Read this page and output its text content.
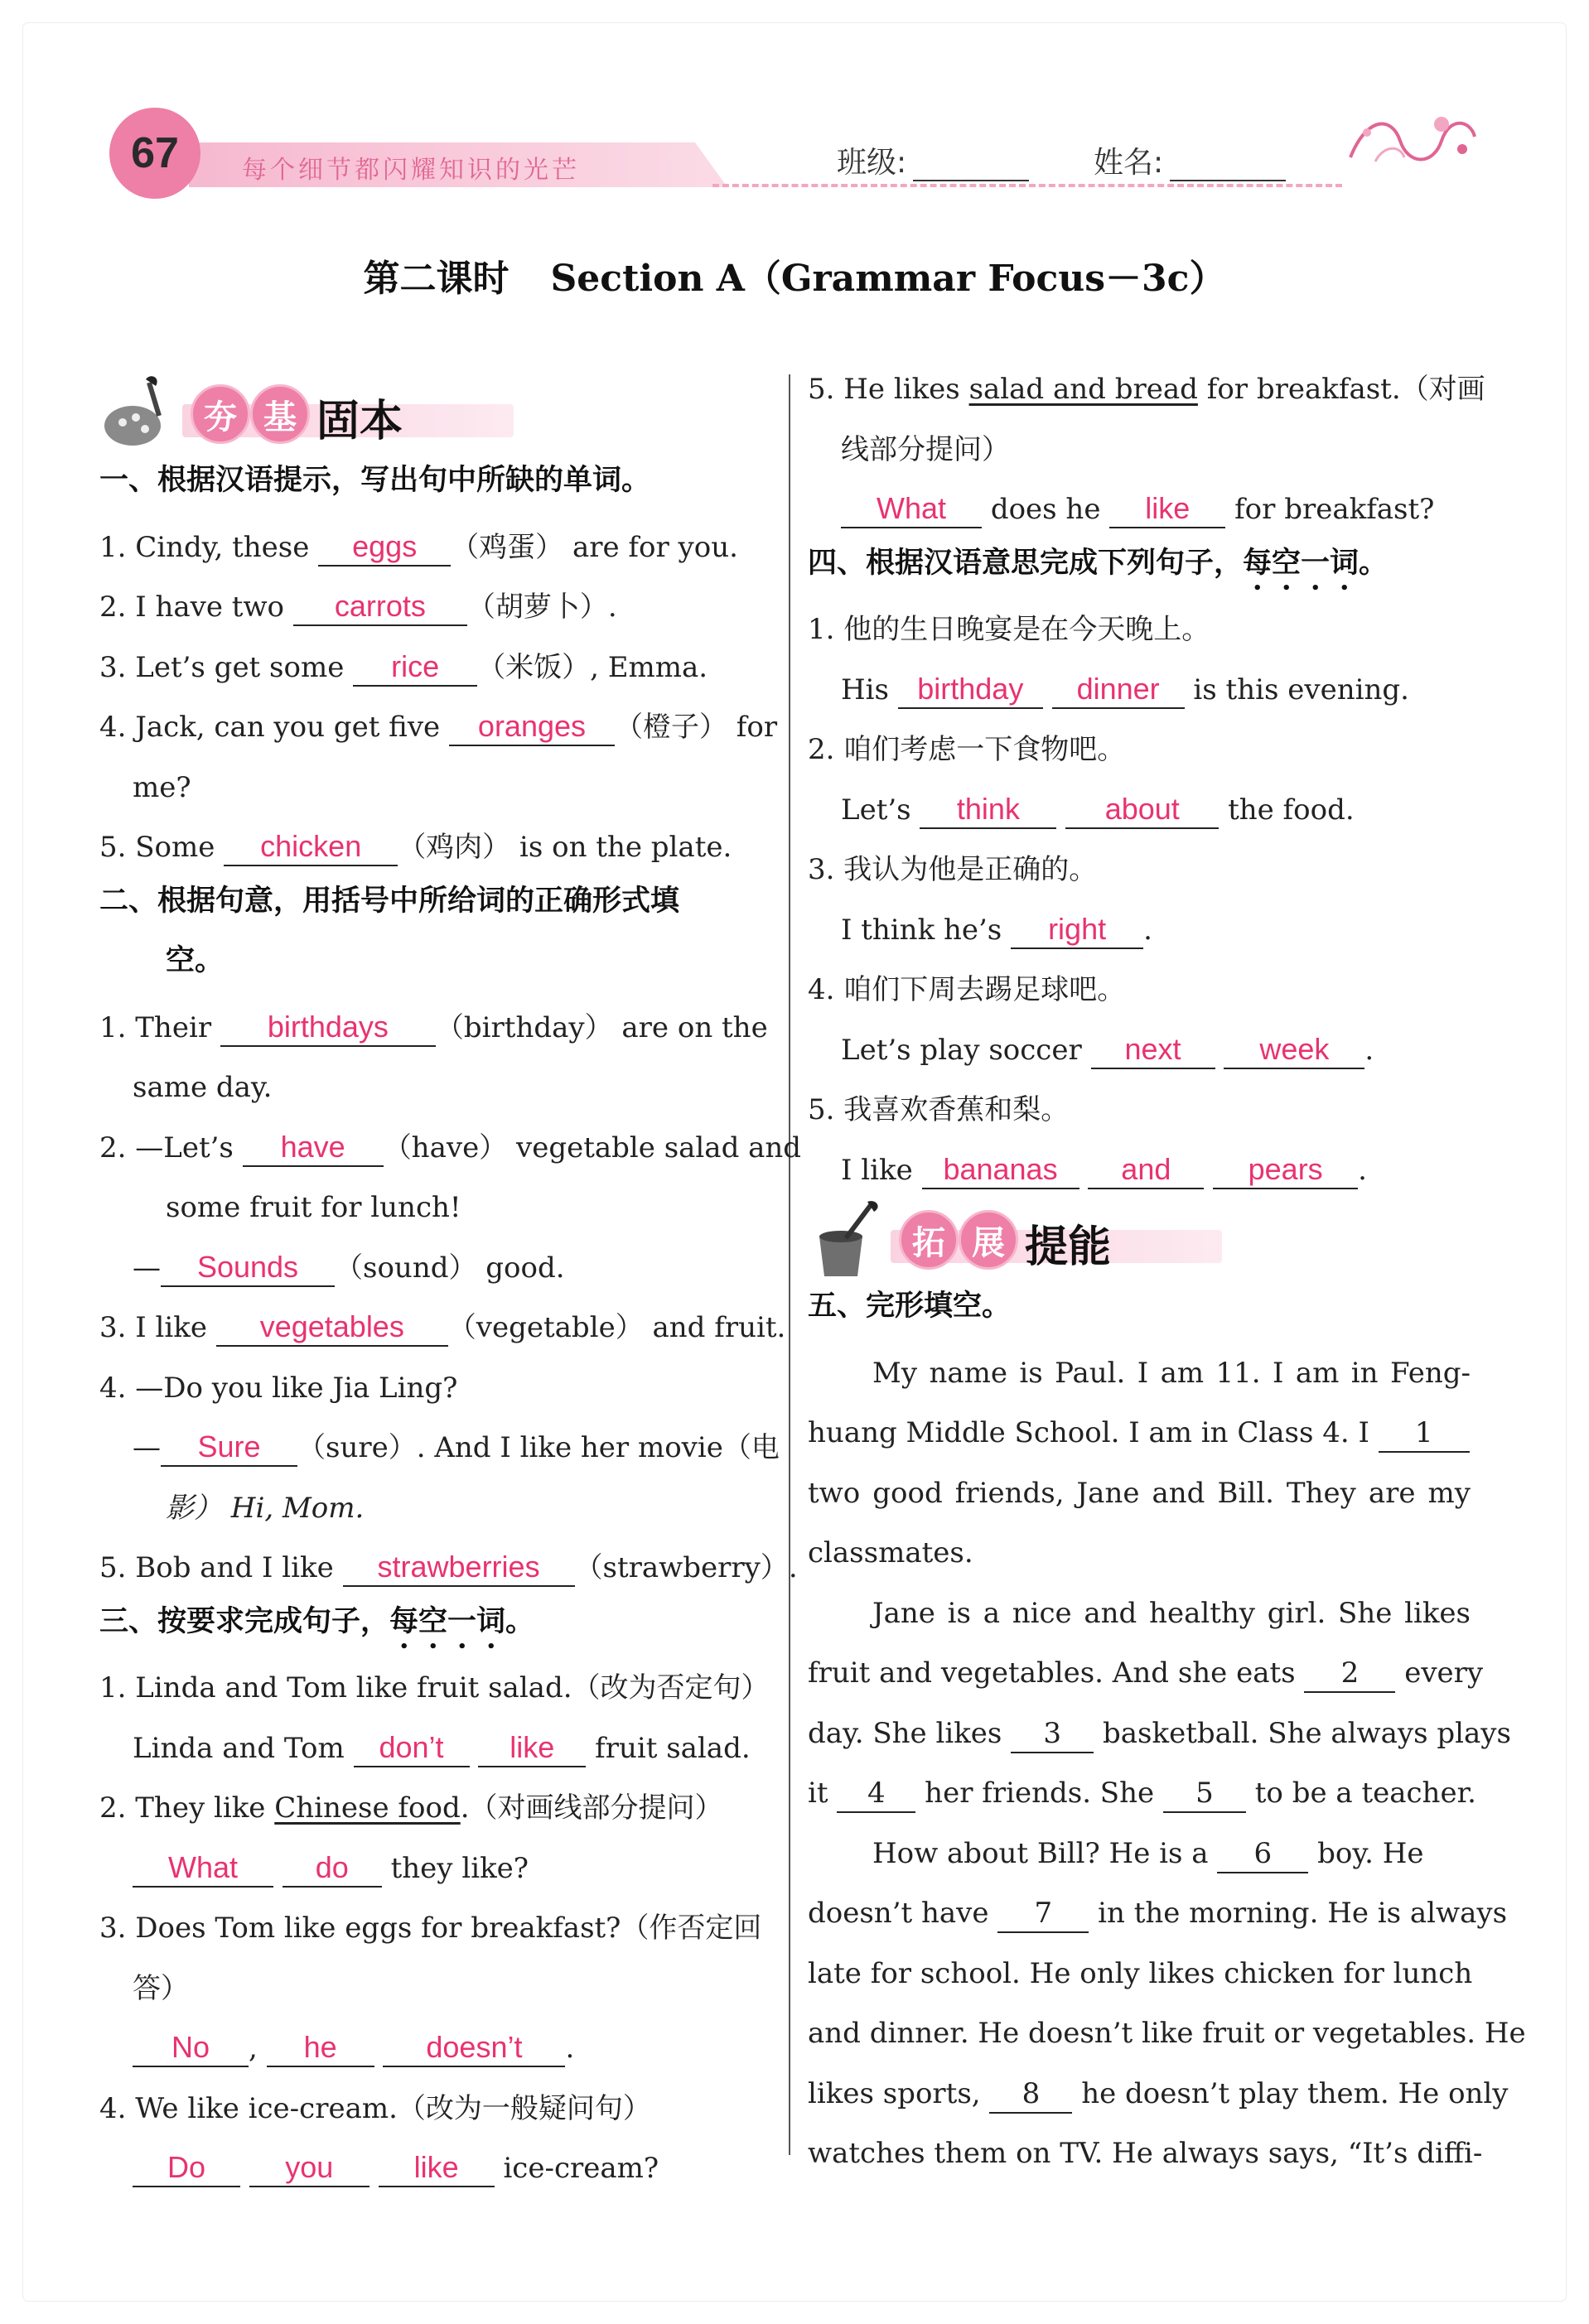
67	每个细节都闪耀知识的光芒	班级:	姓名:
第二课时 Section A（Grammar Focus－3c）
夯 基 固本
一、根据汉语提示，写出句中所缺的单词。
1. Cindy, these eggs （鸡蛋） are for you.
2. I have two carrots （胡萝卜）.
3. Let’s get some rice （米饭）, Emma.
4. Jack, can you get five oranges （橙子） for
me?
5. Some chicken （鸡肉） is on the plate.
二、根据句意，用括号中所给词的正确形式填
空。
1. Their birthdays （birthday） are on the
same day.
2. —Let’s have （have） vegetable salad and
some fruit for lunch!
— Sounds （sound） good.
3. I like vegetables （vegetable） and fruit.
4. —Do you like Jia Ling?
— Sure （sure）. And I like her movie（电
影） Hi, Mom.
5. Bob and I like strawberries （strawberry）.
三、按要求完成句子，每空一词。
1. Linda and Tom like fruit salad.（改为否定句）
Linda and Tom don’t like fruit salad.
2. They like Chinese food.（对画线部分提问）
What	do they like?
3. Does Tom like eggs for breakfast?（作否定回
答）
No , he	doesn’t .
4. We like ice-cream.（改为一般疑问句）
Do	you	like ice-cream?
5. He likes salad and bread for breakfast.（对画
线部分提问）
What does he like for breakfast?
四、根据汉语意思完成下列句子，每空一词。
1. 他的生日晚宴是在今天晚上。
His birthday dinner is this evening.
2. 咱们考虑一下食物吧。
Let’s think	about the food.
3. 我认为他是正确的。
I think he’s right .
4. 咱们下周去踢足球吧。
Let’s play soccer next	week .
5. 我喜欢香蕉和梨。
I like bananas and	pears .
拓 展 提能
五、完形填空。
My name is Paul. I am 11. I am in Feng-
huang Middle School. I am in Class 4. I 1
two good friends, Jane and Bill. They are my
classmates.
Jane is a nice and healthy girl. She likes
fruit and vegetables. And she eats 2 every
day. She likes 3 basketball. She always plays
it 4 her friends. She 5 to be a teacher.
How about Bill? He is a 6 boy. He
doesn’t have 7 in the morning. He is always
late for school. He only likes chicken for lunch
and dinner. He doesn’t like fruit or vegetables. He
likes sports, 8 he doesn’t play them. He only
watches them on TV. He always says, “It’s diffi-
